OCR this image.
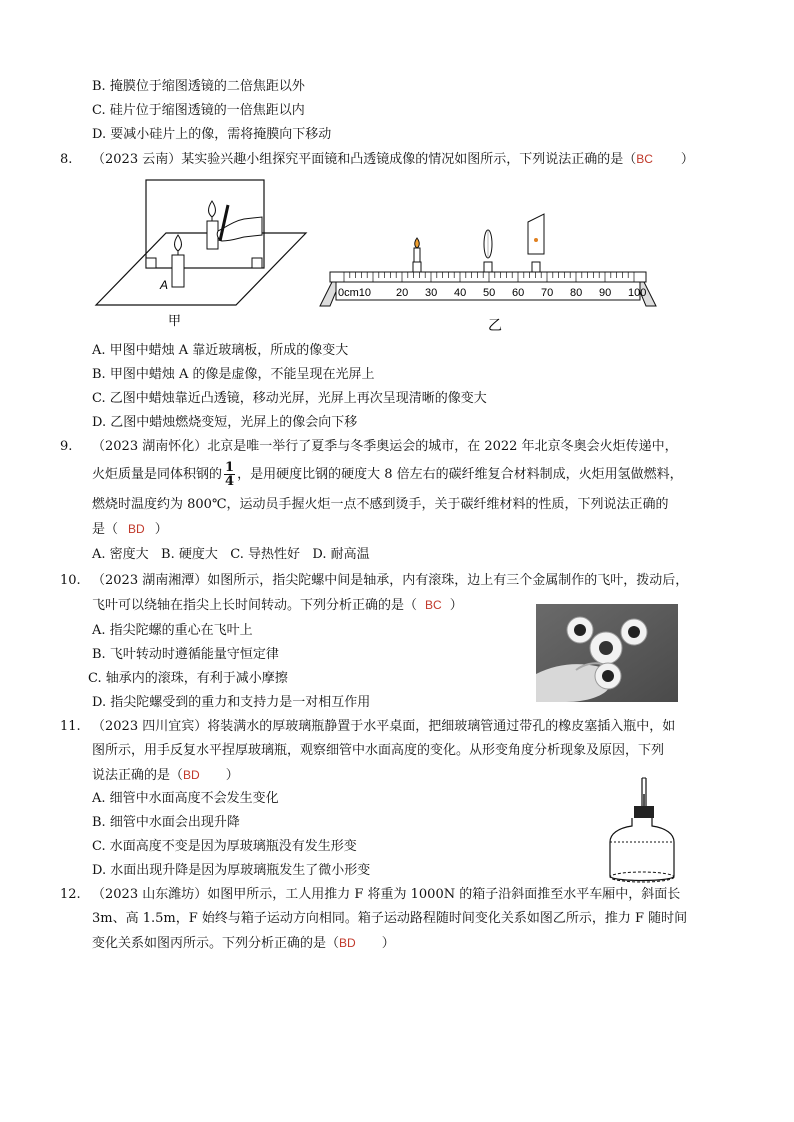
B. 掩膜位于缩图透镜的二倍焦距以外
C. 硅片位于缩图透镜的一倍焦距以内
D. 要减小硅片上的像，需将掩膜向下移动
8. （2023 云南）某实验兴趣小组探究平面镜和凸透镜成像的情况如图所示，下列说法正确的是（BC ）
A
甲
0cm10 20 30 40 50 60 70 80 90 100
乙
A. 甲图中蜡烛 A 靠近玻璃板，所成的像变大
B. 甲图中蜡烛 A 的像是虚像，不能呈现在光屏上
C. 乙图中蜡烛靠近凸透镜，移动光屏，光屏上再次呈现清晰的像变大
D. 乙图中蜡烛燃烧变短，光屏上的像会向下移
9. （2023 湖南怀化）北京是唯一举行了夏季与冬季奥运会的城市，在 2022 年北京冬奥会火炬传递中，
火炬质量是同体积钢的 $\frac{1}{4}$ ，是用硬度比钢的硬度大 8 倍左右的碳纤维复合材料制成，火炬用氢做燃料，
燃烧时温度约为 800℃，运动员手握火炬一点不感到烫手，关于碳纤维材料的性质，下列说法正确的
是（ BD ）
A. 密度大   B. 硬度大   C. 导热性好   D. 耐高温
10. （2023 湖南湘潭）如图所示，指尖陀螺中间是轴承，内有滚珠，边上有三个金属制作的飞叶，拨动后，
飞叶可以绕轴在指尖上长时间转动。下列分析正确的是（ BC ）
A. 指尖陀螺的重心在飞叶上
B. 飞叶转动时遵循能量守恒定律
C. 轴承内的滚珠，有利于减小摩擦
D. 指尖陀螺受到的重力和支持力是一对相互作用
11. （2023 四川宜宾）将装满水的厚玻璃瓶静置于水平桌面，把细玻璃管通过带孔的橡皮塞插入瓶中，如
图所示，用手反复水平捏厚玻璃瓶，观察细管中水面高度的变化。从形变角度分析现象及原因，下列
说法正确的是（BD ）
A. 细管中水面高度不会发生变化
B. 细管中水面会出现升降
C. 水面高度不变是因为厚玻璃瓶没有发生形变
D. 水面出现升降是因为厚玻璃瓶发生了微小形变
12. （2023 山东潍坊）如图甲所示，工人用推力 F 将重为 1000N 的箱子沿斜面推至水平车厢中，斜面长
3m、高 1.5m，F 始终与箱子运动方向相同。箱子运动路程随时间变化关系如图乙所示，推力 F 随时间
变化关系如图丙所示。下列分析正确的是（BD ）
